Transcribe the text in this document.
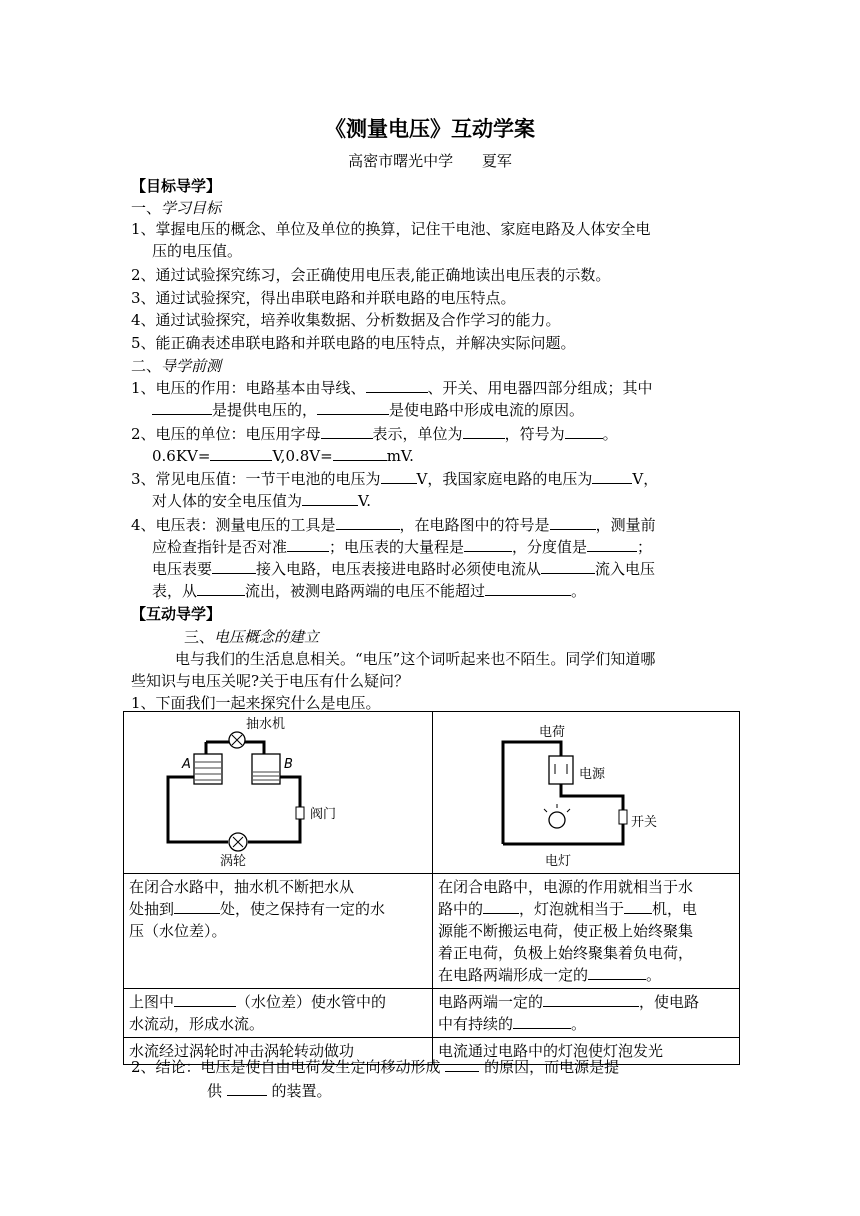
《测量电压》互动学案
高密市曙光中学 夏军
【目标导学】
一、学习目标
1、掌握电压的概念、单位及单位的换算，记住干电池、家庭电路及人体安全电
压的电压值。
2、通过试验探究练习，会正确使用电压表,能正确地读出电压表的示数。
3、通过试验探究，得出串联电路和并联电路的电压特点。
4、通过试验探究，培养收集数据、分析数据及合作学习的能力。
5、能正确表述串联电路和并联电路的电压特点，并解决实际问题。
二、导学前测
1、电压的作用：电路基本由导线、	、开关、用电器四部分组成；其中
是提供电压的，	是使电路中形成电流的原因。
2、电压的单位：电压用字母	表示，单位为	，符号为	。
0.6KV=	V,0.8V=	mV.
3、常见电压值：一节干电池的电压为 V，我国家庭电路的电压为	V，
对人体的安全电压值为	V.
4、电压表：测量电压的工具是	，在电路图中的符号是	，测量前
应检查指针是否对准	；电压表的大量程是	，分度值是	；
电压表要	接入电路，电压表接进电路时必须使电流从	流入电压
表，从	流出，被测电路两端的电压不能超过	。
【互动导学】
三、电压概念的建立
电与我们的生活息息相关。“电压”这个词听起来也不陌生。同学们知道哪
些知识与电压关呢?关于电压有什么疑问？
1、下面我们一起来探究什么是电压。
抽水机
A B
阀门
涡轮	电荷
电源
开关
电灯

在闭合水路中，抽水机不断把水从
处抽到 处，使之保持有一定的水
压（水位差）。	在闭合电路中，电源的作用就相当于水
路中的 ，灯泡就相当于 机，电
源能不断搬运电荷，使正极上始终聚集
着正电荷，负极上始终聚集着负电荷，
在电路两端形成一定的 。
上图中 （水位差）使水管中的
水流动，形成水流。	电路两端一定的 ，使电路
中有持续的 。
水流经过涡轮时冲击涡轮转动做功	电流通过电路中的灯泡使灯泡发光
2、结论：电压是使自由电荷发生定向移动形成  的原因，而电源是提
供	的装置。
